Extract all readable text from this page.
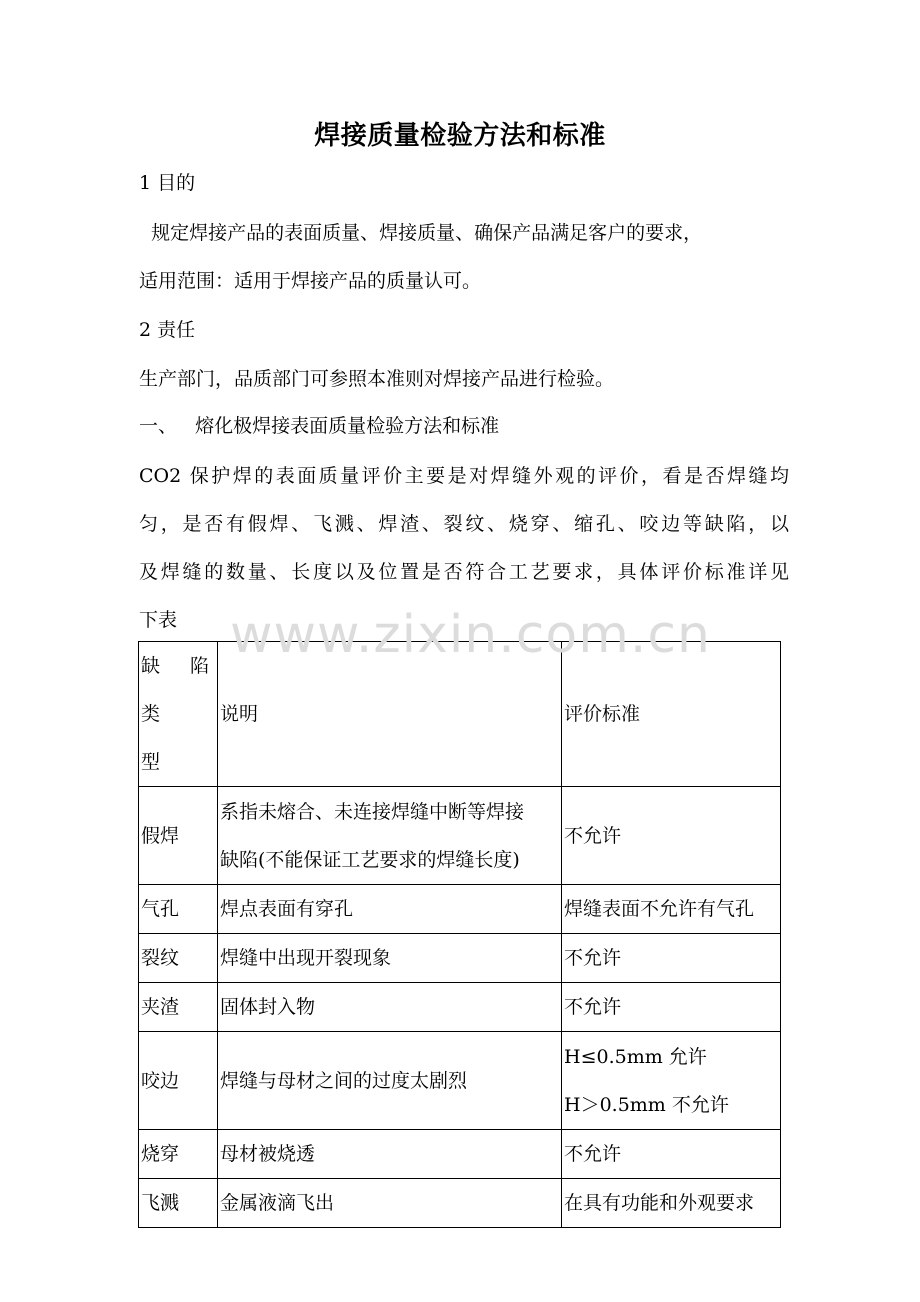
焊接质量检验方法和标准
1 目的
规定焊接产品的表面质量、焊接质量、确保产品满足客户的要求，
适用范围：适用于焊接产品的质量认可。
2 责任
生产部门，品质部门可参照本准则对焊接产品进行检验。
一、   熔化极焊接表面质量检验方法和标准
CO2 保护焊的表面质量评价主要是对焊缝外观的评价，看是否焊缝均
匀，是否有假焊、飞溅、焊渣、裂纹、烧穿、缩孔、咬边等缺陷，以
及焊缝的数量、长度以及位置是否符合工艺要求，具体评价标准详见
下表	www.zixin.com.cn
缺 陷 类
型	说明	评价标准
假焊	系指未熔合、未连接焊缝中断等焊接
缺陷(不能保证工艺要求的焊缝长度)	不允许
气孔	焊点表面有穿孔	焊缝表面不允许有气孔
裂纹	焊缝中出现开裂现象	不允许
夹渣	固体封入物	不允许
咬边	焊缝与母材之间的过度太剧烈	H≤0.5mm 允许
H＞0.5mm 不允许

烧穿	母材被烧透	不允许
飞溅	金属液滴飞出	在具有功能和外观要求
